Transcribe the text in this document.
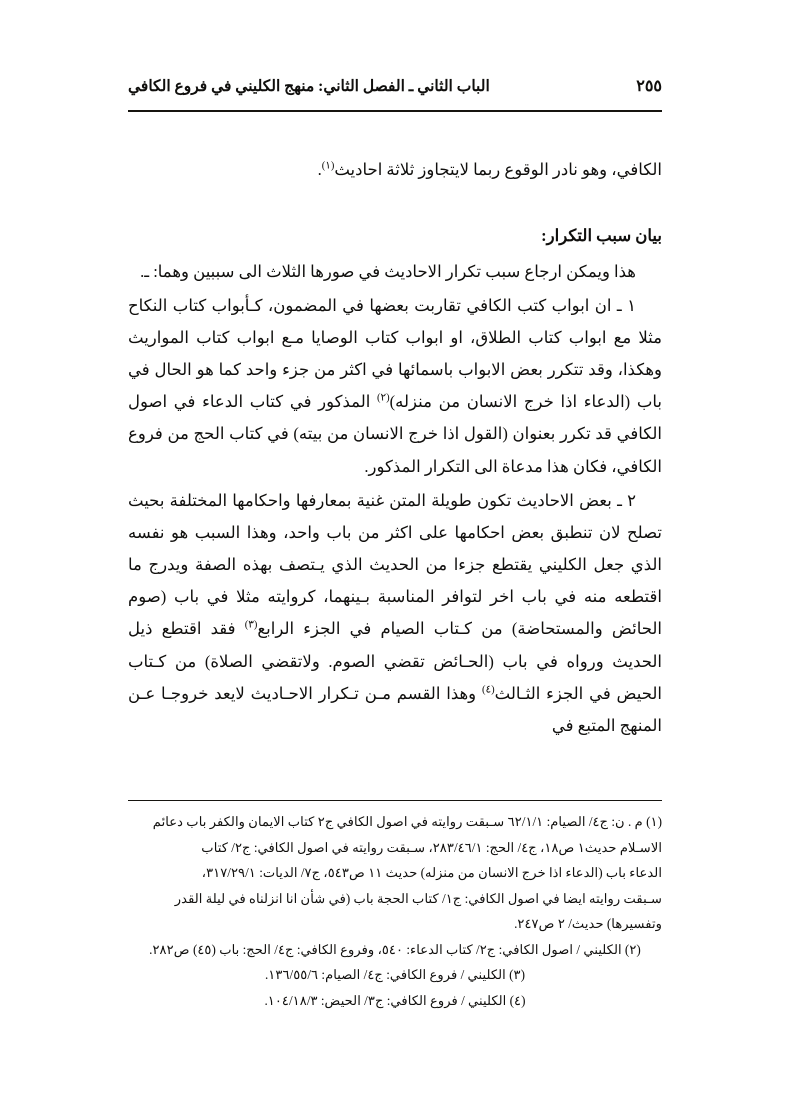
الباب الثاني ـ الفصل الثاني: منهج الكليني في فروع الكافي	٢٥٥

الكافي، وهو نادر الوقوع ربما لايتجاوز ثلاثة احاديث$^{(١)}$.

بيان سبب التكرار:

هذا ويمكن ارجاع سبب تكرار الاحاديث في صورها الثلاث الى سببين وهما: ـ.

١ ـ ان ابواب كتب الكافي تقاربت بعضها في المضمون، كـأبواب كتاب النكاح مثلا مع ابواب كتاب الطلاق، او ابواب كتاب الوصايا مـع ابواب كتاب المواريث وهكذا، وقد تتكرر بعض الابواب باسمائها في اكثر من جزء واحد كما هو الحال في باب (الدعاء اذا خرج الانسان من منزله)$^{(٢)}$ المذكور في كتاب الدعاء في اصول الكافي قد تكرر بعنوان (القول اذا خرج الانسان من بيته) في كتاب الحج من فروع الكافي، فكان هذا مدعاة الى التكرار المذكور.

٢ ـ بعض الاحاديث تكون طويلة المتن غنية بمعارفها واحكامها المختلفة بحيث تصلح لان تنطبق بعض احكامها على اكثر من باب واحد، وهذا السبب هو نفسه الذي جعل الكليني يقتطع جزءا من الحديث الذي يـتصف بهذه الصفة ويدرج ما اقتطعه منه في باب اخر لتوافر المناسبة بـينهما، كروايته مثلا في باب (صوم الحائض والمستحاضة) من كـتاب الصيام في الجزء الرابع$^{(٣)}$ فقد اقتطع ذيل الحديث ورواه في باب (الحـائض تقضي الصوم. ولاتقضي الصلاة) من كـتاب الحيض في الجزء الثـالث$^{(٤)}$ وهذا القسم مـن تـكرار الاحـاديث لايعد خروجـا عـن المنهج المتبع في

(١) م . ن: ج٤/ الصيام: ٦٢/١/١ سـبقت روايته في اصول الكافي ج٢ كتاب الايمان والكفر باب دعائم

الاسـلام حديث١ ص١٨، ج٤/ الحج: ٢٨٣/٤٦/١، سـبقت روايته في اصول الكافي: ج٢/ كتاب

الدعاء باب (الدعاء اذا خرج الانسان من منزله) حديث ١١ ص٥٤٣، ج٧/ الديات: ٣١٧/٢٩/١،

سـبقت روايته ايضا في اصول الكافي: ج١/ كتاب الحجة باب (في شأن انا انزلناه في ليلة القدر

وتفسيرها) حديث/ ٢ ص٢٤٧.

(٢) الكليني / اصول الكافي: ج٢/ كتاب الدعاء: ٥٤٠، وفروع الكافي: ج٤/ الحج: باب (٤٥) ص٢٨٢.

(٣) الكليني / فروع الكافي: ج٤/ الصيام: ١٣٦/٥٥/٦.

(٤) الكليني / فروع الكافي: ج٣/ الحيض: ١٠٤/١٨/٣.
